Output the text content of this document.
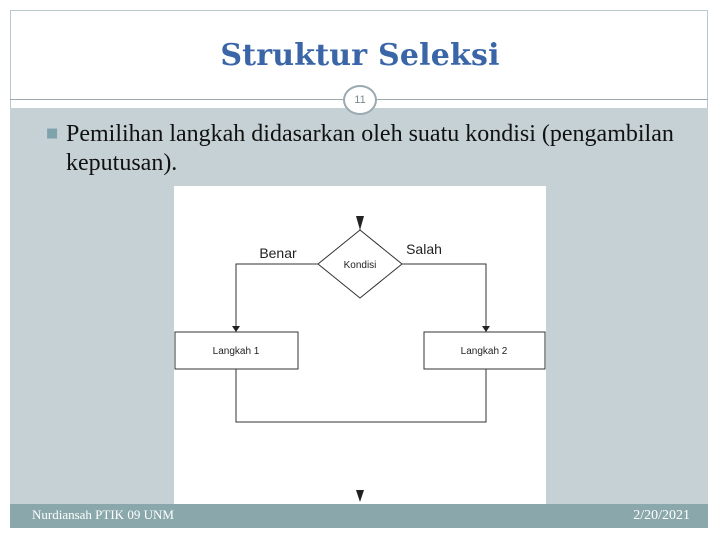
Struktur Seleksi
11
■ Pemilihan langkah didasarkan oleh suatu kondisi (pengambilan keputusan).
Kondisi
Benar	Salah
Langkah 1	Langkah 2
Nurdiansah PTIK 09 UNM	2/20/2021
